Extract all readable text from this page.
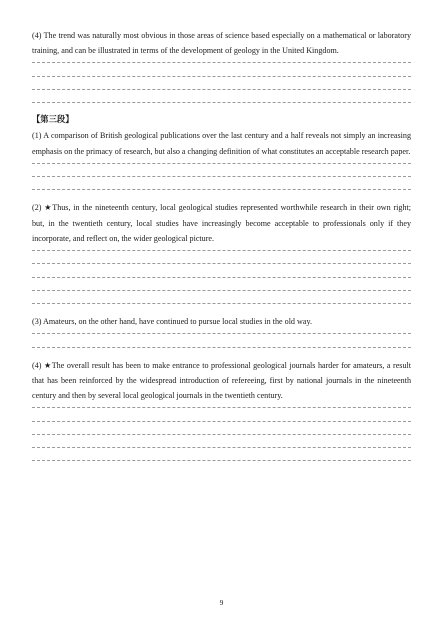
(4) The trend was naturally most obvious in those areas of science based especially on a mathematical or laboratory training, and can be illustrated in terms of the development of geology in the United Kingdom.

【第三段】

(1) A comparison of British geological publications over the last century and a half reveals not simply an increasing emphasis on the primacy of research, but also a changing definition of what constitutes an acceptable research paper.

(2) ★Thus, in the nineteenth century, local geological studies represented worthwhile research in their own right; but, in the twentieth century, local studies have increasingly become acceptable to professionals only if they incorporate, and reflect on, the wider geological picture.

(3) Amateurs, on the other hand, have continued to pursue local studies in the old way.

(4) ★The overall result has been to make entrance to professional geological journals harder for amateurs, a result that has been reinforced by the widespread introduction of refereeing, first by national journals in the nineteenth century and then by several local geological journals in the twentieth century.

9
